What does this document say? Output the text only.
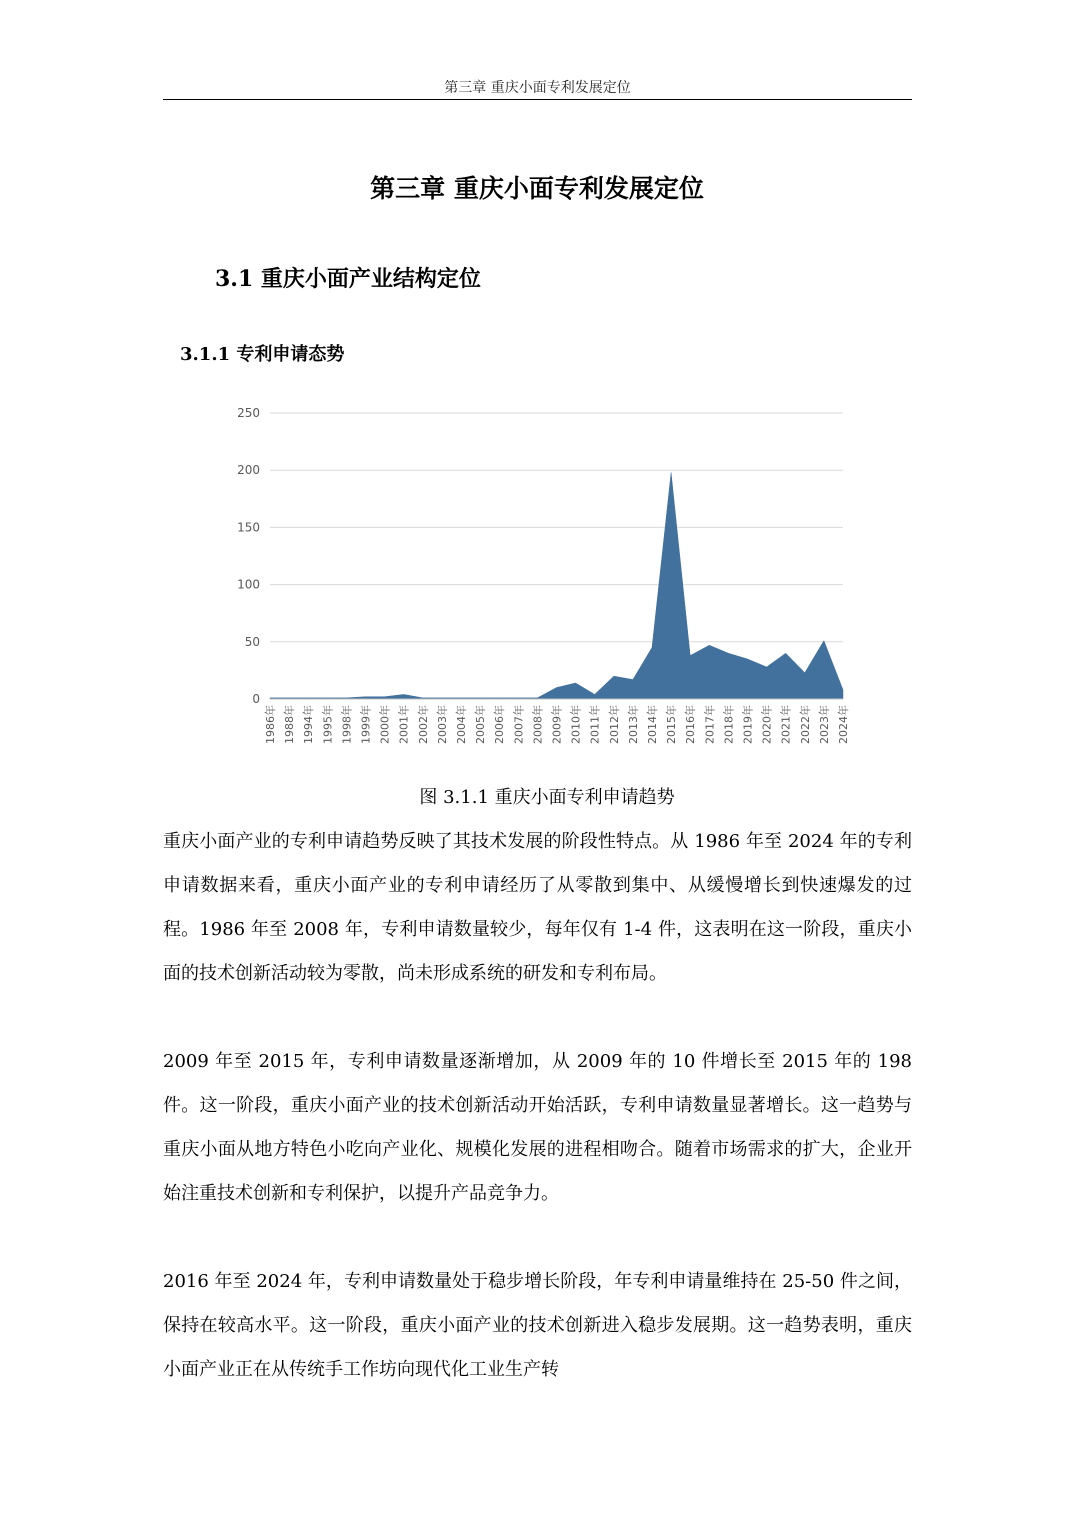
第三章 重庆小面专利发展定位
第三章 重庆小面专利发展定位
3.1 重庆小面产业结构定位
3.1.1 专利申请态势
0
50
100
150
200
250
1986年 1988年 1994年 1995年 1998年 1999年 2000年 2001年 2002年 2003年 2004年 2005年 2006年 2007年 2008年 2009年 2010年 2011年 2012年 2013年 2014年 2015年 2016年 2017年 2018年 2019年 2020年 2021年 2022年 2023年 2024年
图 3.1.1 重庆小面专利申请趋势

重庆小面产业的专利申请趋势反映了其技术发展的阶段性特点。从 1986 年至 2024 年的专利申请数据来看，重庆小面产业的专利申请经历了从零散到集中、从缓慢增长到快速爆发的过程。1986 年至 2008 年，专利申请数量较少，每年仅有 1-4 件，这表明在这一阶段，重庆小面的技术创新活动较为零散，尚未形成系统的研发和专利布局。

2009 年至 2015 年，专利申请数量逐渐增加，从 2009 年的 10 件增长至 2015 年的 198 件。这一阶段，重庆小面产业的技术创新活动开始活跃，专利申请数量显著增长。这一趋势与重庆小面从地方特色小吃向产业化、规模化发展的进程相吻合。随着市场需求的扩大，企业开始注重技术创新和专利保护，以提升产品竞争力。

2016 年至 2024 年，专利申请数量处于稳步增长阶段，年专利申请量维持在 25-50 件之间，保持在较高水平。这一阶段，重庆小面产业的技术创新进入稳步发展期。这一趋势表明，重庆小面产业正在从传统手工作坊向现代化工业生产转
